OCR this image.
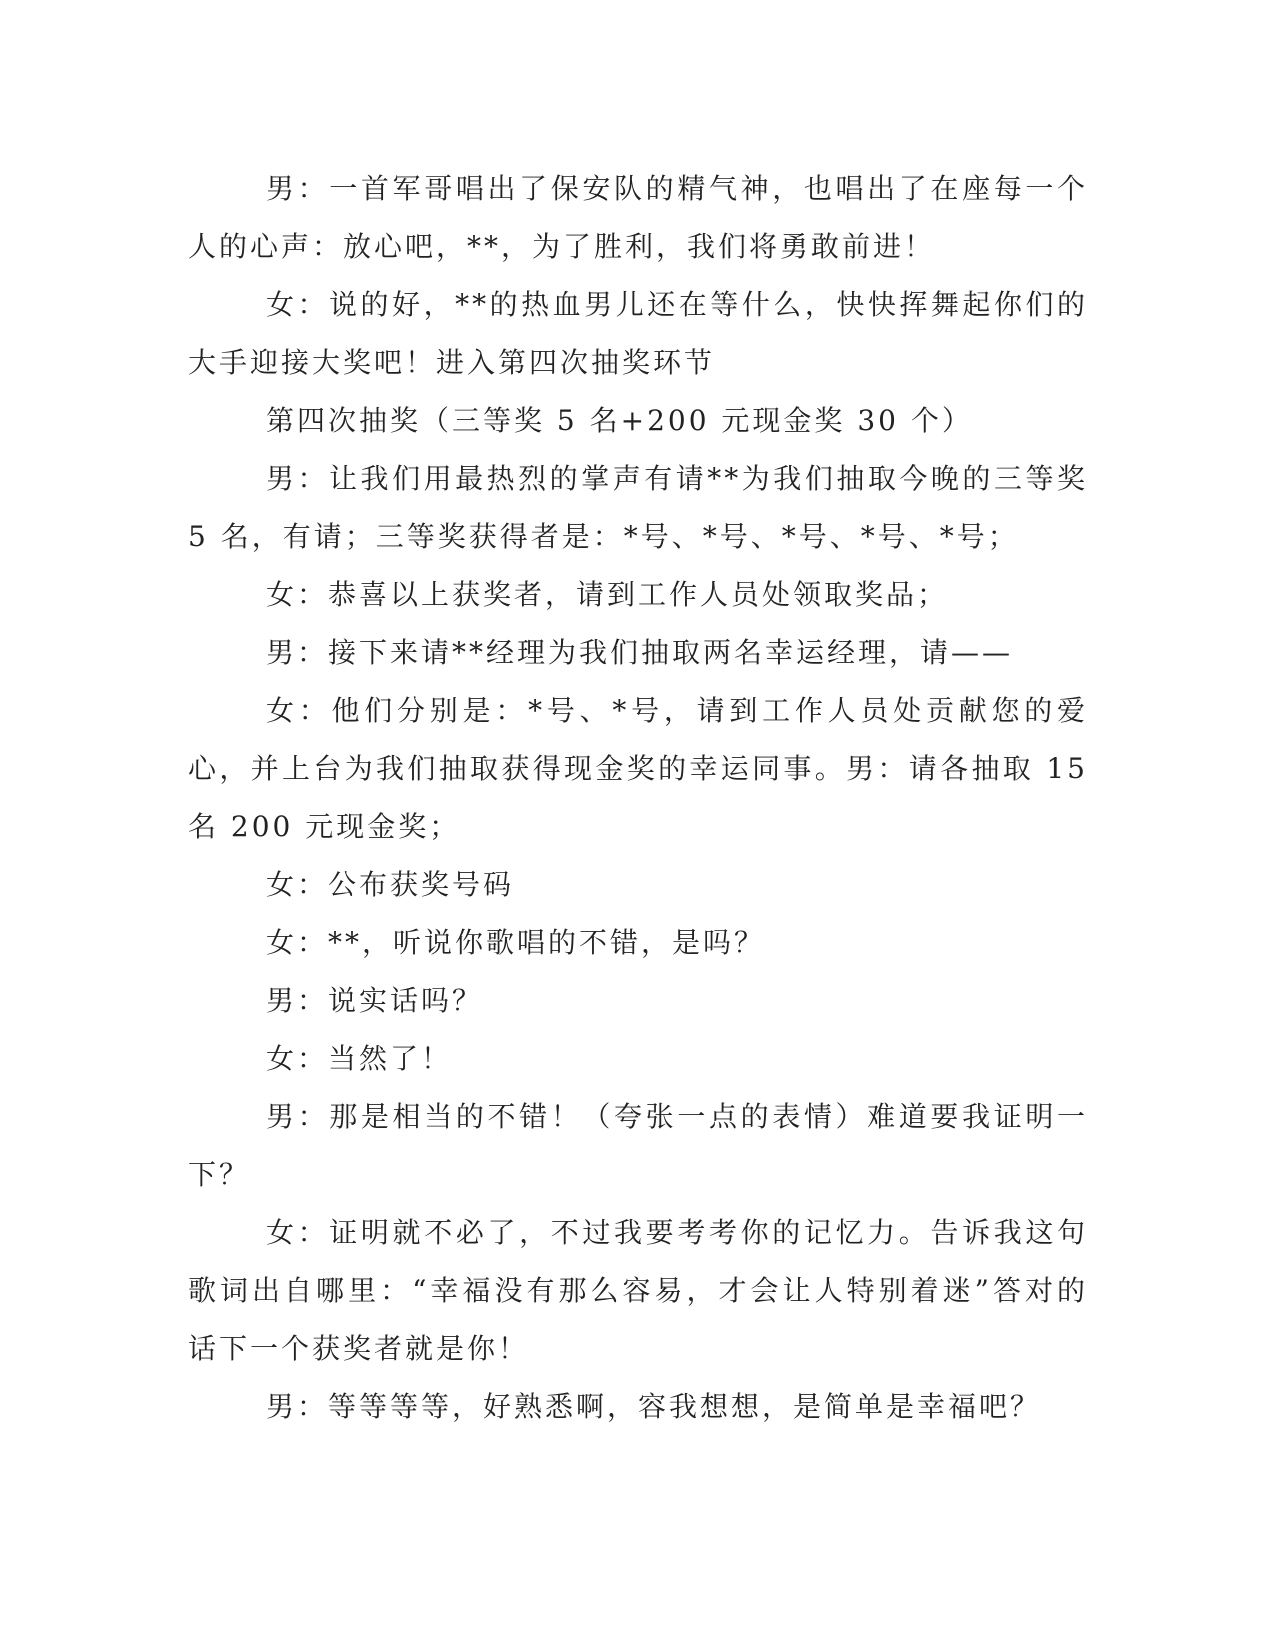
男：一首军哥唱出了保安队的精气神，也唱出了在座每一个人的心声：放心吧，**，为了胜利，我们将勇敢前进！

女：说的好，**的热血男儿还在等什么，快快挥舞起你们的大手迎接大奖吧！进入第四次抽奖环节

第四次抽奖（三等奖 5 名+200 元现金奖 30 个）

男：让我们用最热烈的掌声有请**为我们抽取今晚的三等奖 5 名，有请；三等奖获得者是：*号、*号、*号、*号、*号；

女：恭喜以上获奖者，请到工作人员处领取奖品；

男：接下来请**经理为我们抽取两名幸运经理，请——

女：他们分别是：*号、*号，请到工作人员处贡献您的爱心，并上台为我们抽取获得现金奖的幸运同事。男：请各抽取 15 名 200 元现金奖；

女：公布获奖号码

女：**，听说你歌唱的不错，是吗？

男：说实话吗？

女：当然了！

男：那是相当的不错！（夸张一点的表情）难道要我证明一下？

女：证明就不必了，不过我要考考你的记忆力。告诉我这句歌词出自哪里：“幸福没有那么容易，才会让人特别着迷”答对的话下一个获奖者就是你！

男：等等等等，好熟悉啊，容我想想，是简单是幸福吧？
